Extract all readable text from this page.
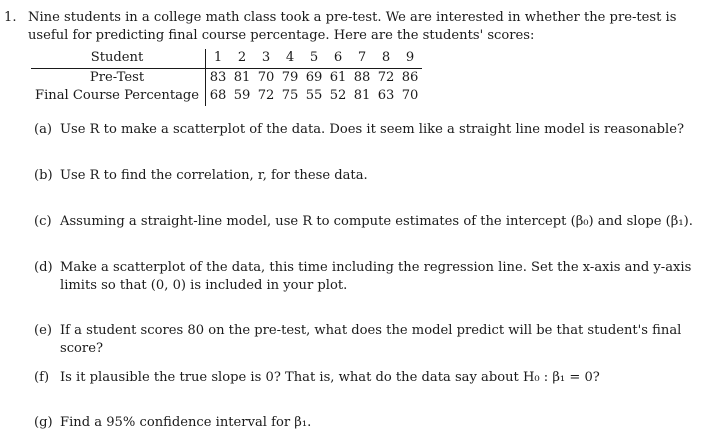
1. Nine students in a college math class took a pre-test. We are interested in whether the pre-test is useful for predicting final course percentage. Here are the students' scores:
Student	1	2	3	4	5	6	7	8	9
Pre-Test	83	81	70	79	69	61	88	72	86
Final Course Percentage	68	59	72	75	55	52	81	63	70
(a) Use R to make a scatterplot of the data. Does it seem like a straight line model is reasonable?
(b) Use R to find the correlation, r, for these data.
(c) Assuming a straight-line model, use R to compute estimates of the intercept (β₀) and slope (β₁).
(d) Make a scatterplot of the data, this time including the regression line. Set the x-axis and y-axis limits so that (0, 0) is included in your plot.
(e) If a student scores 80 on the pre-test, what does the model predict will be that student's final score?
(f) Is it plausible the true slope is 0? That is, what do the data say about H₀ : β₁ = 0?
(g) Find a 95% confidence interval for β₁.
